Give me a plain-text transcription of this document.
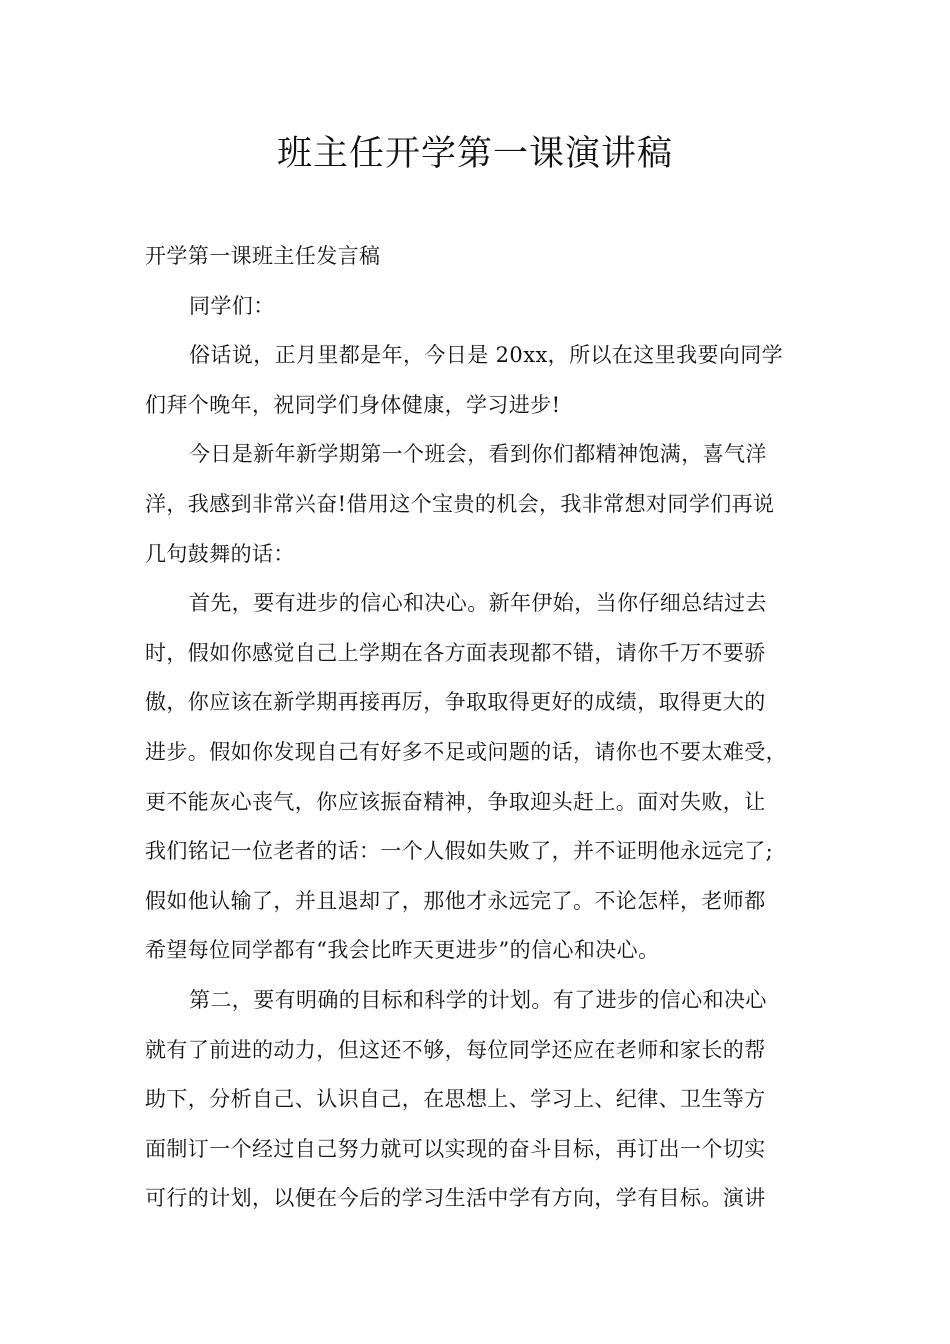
班主任开学第一课演讲稿
开学第一课班主任发言稿
同学们：
俗话说，正月里都是年，今日是 20xx，所以在这里我要向同学
们拜个晚年，祝同学们身体健康，学习进步!
今日是新年新学期第一个班会，看到你们都精神饱满，喜气洋
洋，我感到非常兴奋!借用这个宝贵的机会，我非常想对同学们再说
几句鼓舞的话：
首先，要有进步的信心和决心。新年伊始，当你仔细总结过去
时，假如你感觉自己上学期在各方面表现都不错，请你千万不要骄
傲，你应该在新学期再接再厉，争取取得更好的成绩，取得更大的
进步。假如你发现自己有好多不足或问题的话，请你也不要太难受，
更不能灰心丧气，你应该振奋精神，争取迎头赶上。面对失败，让
我们铭记一位老者的话：一个人假如失败了，并不证明他永远完了;
假如他认输了，并且退却了，那他才永远完了。不论怎样，老师都
希望每位同学都有“我会比昨天更进步”的信心和决心。
第二，要有明确的目标和科学的计划。有了进步的信心和决心
就有了前进的动力，但这还不够，每位同学还应在老师和家长的帮
助下，分析自己、认识自己，在思想上、学习上、纪律、卫生等方
面制订一个经过自己努力就可以实现的奋斗目标，再订出一个切实
可行的计划，以便在今后的学习生活中学有方向，学有目标。演讲
